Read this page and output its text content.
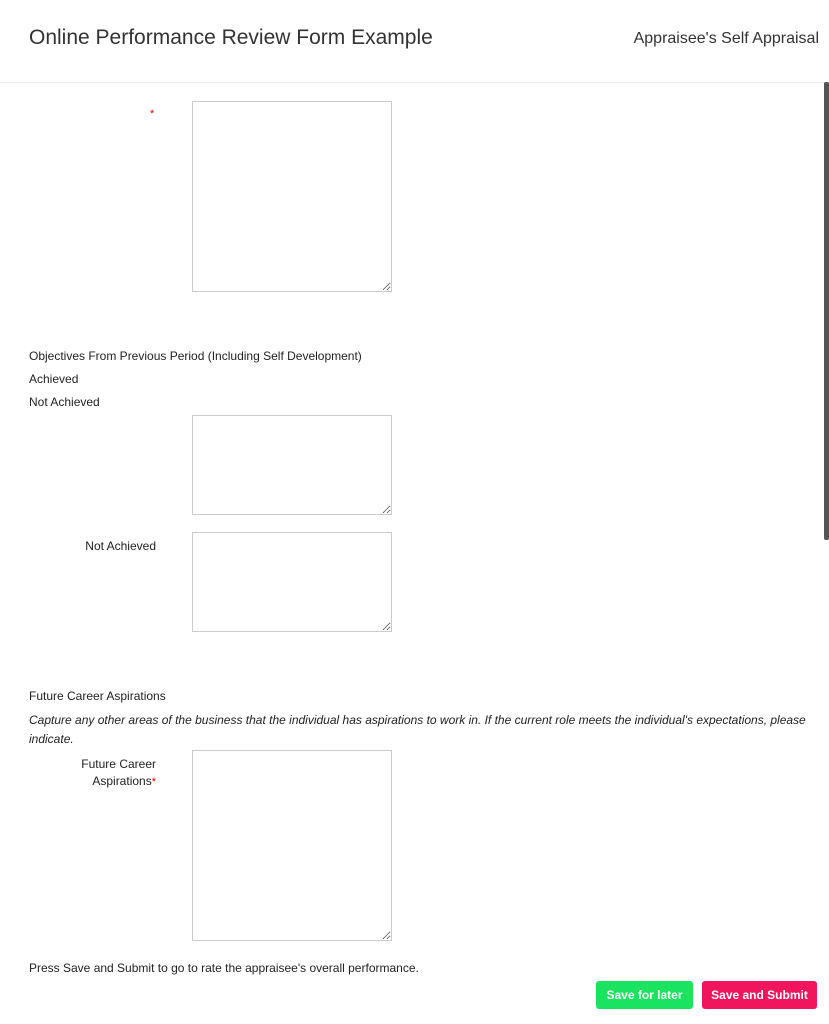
Online Performance Review Form Example	Appraisee's Self Appraisal
*
Objectives From Previous Period (Including Self Development)
Achieved
Not Achieved
Not Achieved
Future Career Aspirations
Capture any other areas of the business that the individual has aspirations to work in. If the current role meets the individual's expectations, please indicate.
Future Career
Aspirations*
Press Save and Submit to go to rate the appraisee's overall performance.
Save for later	Save and Submit
